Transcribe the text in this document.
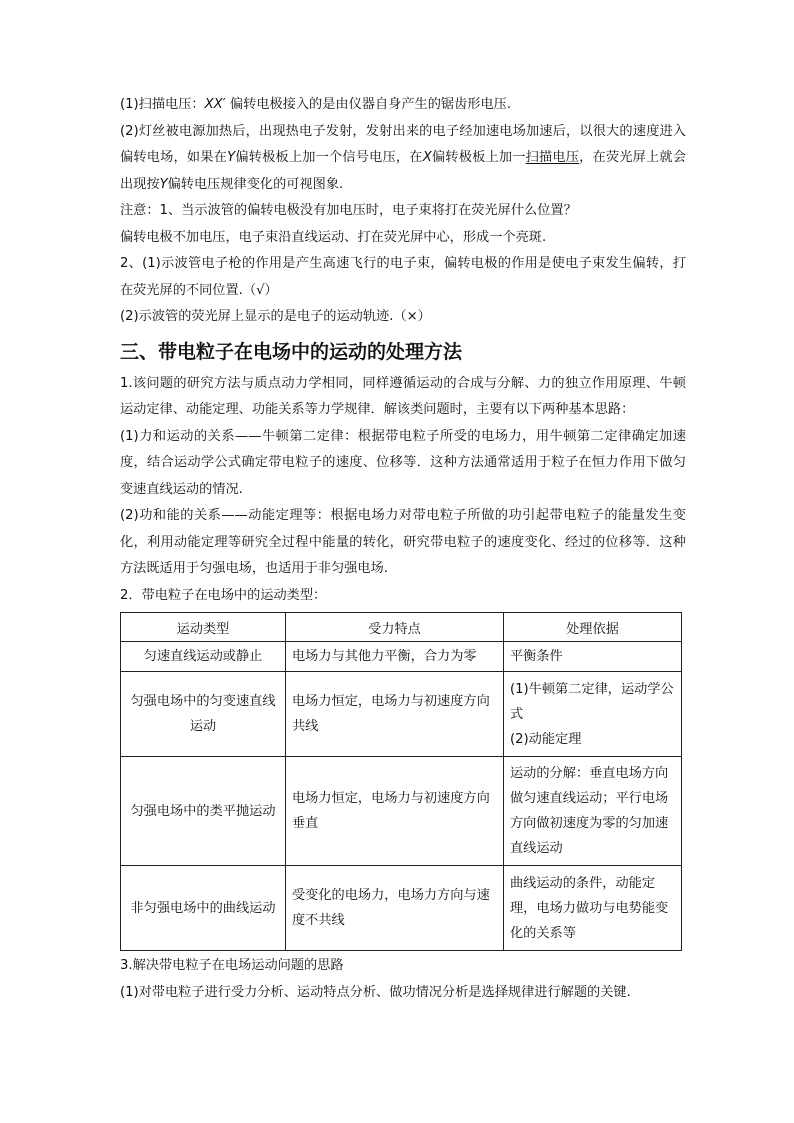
(1)扫描电压：XX′ 偏转电极接入的是由仪器自身产生的锯齿形电压.

(2)灯丝被电源加热后，出现热电子发射，发射出来的电子经加速电场加速后，以很大的速度进入偏转电场，如果在Y偏转极板上加一个信号电压，在X偏转极板上加一扫描电压，在荧光屏上就会出现按Y偏转电压规律变化的可视图象.

注意：1、当示波管的偏转电极没有加电压时，电子束将打在荧光屏什么位置？

偏转电极不加电压，电子束沿直线运动、打在荧光屏中心，形成一个亮斑.

2、(1)示波管电子枪的作用是产生高速飞行的电子束，偏转电极的作用是使电子束发生偏转，打在荧光屏的不同位置.（√）

(2)示波管的荧光屏上显示的是电子的运动轨迹.（×）

三、带电粒子在电场中的运动的处理方法

1.该问题的研究方法与质点动力学相同，同样遵循运动的合成与分解、力的独立作用原理、牛顿运动定律、动能定理、功能关系等力学规律．解该类问题时，主要有以下两种基本思路：

(1)力和运动的关系——牛顿第二定律：根据带电粒子所受的电场力，用牛顿第二定律确定加速度，结合运动学公式确定带电粒子的速度、位移等．这种方法通常适用于粒子在恒力作用下做匀变速直线运动的情况.

(2)功和能的关系——动能定理等：根据电场力对带电粒子所做的功引起带电粒子的能量发生变化，利用动能定理等研究全过程中能量的转化，研究带电粒子的速度变化、经过的位移等．这种方法既适用于匀强电场，也适用于非匀强电场.

2．带电粒子在电场中的运动类型：

运动类型	受力特点	处理依据
匀速直线运动或静止	电场力与其他力平衡，合力为零	平衡条件
匀强电场中的匀变速直线运动	电场力恒定，电场力与初速度方向共线	(1)牛顿第二定律，运动学公式
(2)动能定理

匀强电场中的类平抛运动	电场力恒定，电场力与初速度方向垂直	运动的分解：垂直电场方向做匀速直线运动；平行电场方向做初速度为零的匀加速直线运动
非匀强电场中的曲线运动	受变化的电场力，电场力方向与速度不共线	曲线运动的条件，动能定理，电场力做功与电势能变化的关系等

3.解决带电粒子在电场运动问题的思路

(1)对带电粒子进行受力分析、运动特点分析、做功情况分析是选择规律进行解题的关键.
